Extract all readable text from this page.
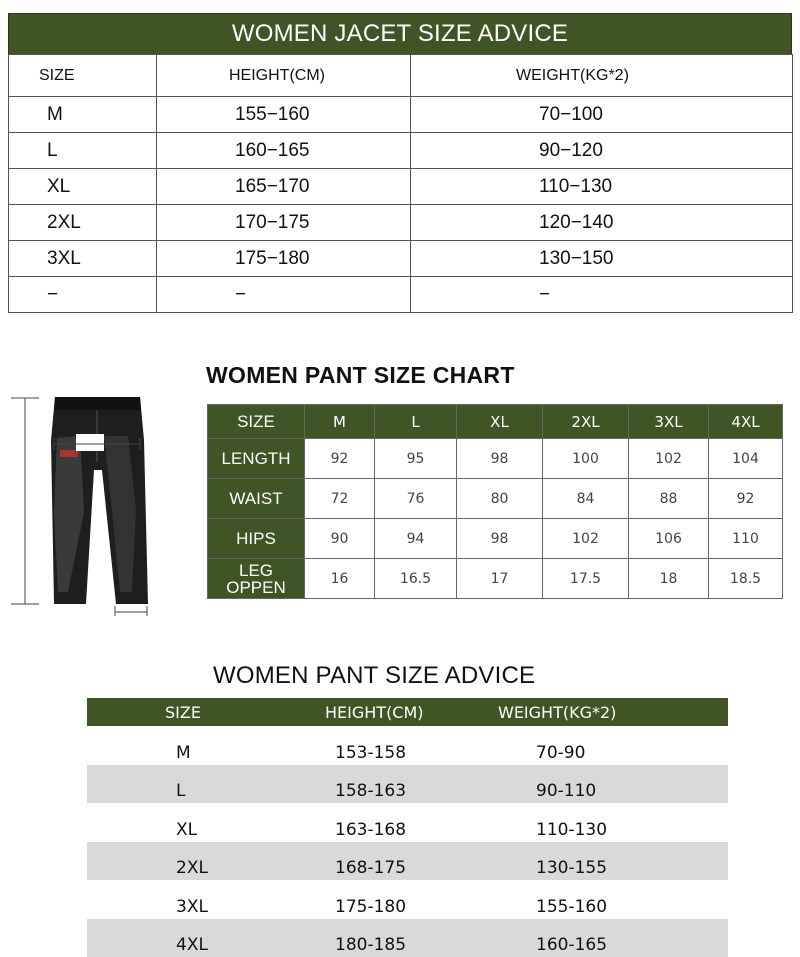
WOMEN JACET SIZE ADVICE
SIZE	HEIGHT(CM)	WEIGHT(KG*2)
M	155−160	70−100
L	160−165	90−120
XL	165−170	110−130
2XL	170−175	120−140
3XL	175−180	130−150
−	−	−
WOMEN PANT SIZE CHART
SIZE	M	L	XL	2XL	3XL	4XL
LENGTH	92	95	98	100	102	104
WAIST	72	76	80	84	88	92
HIPS	90	94	98	102	106	110
LEG OPPEN	16	16.5	17	17.5	18	18.5
WOMEN PANT SIZE ADVICE
SIZE	HEIGHT(CM)	WEIGHT(KG*2)
M	153-158	70-90
L	158-163	90-110
XL	163-168	110-130
2XL	168-175	130-155
3XL	175-180	155-160
4XL	180-185	160-165
